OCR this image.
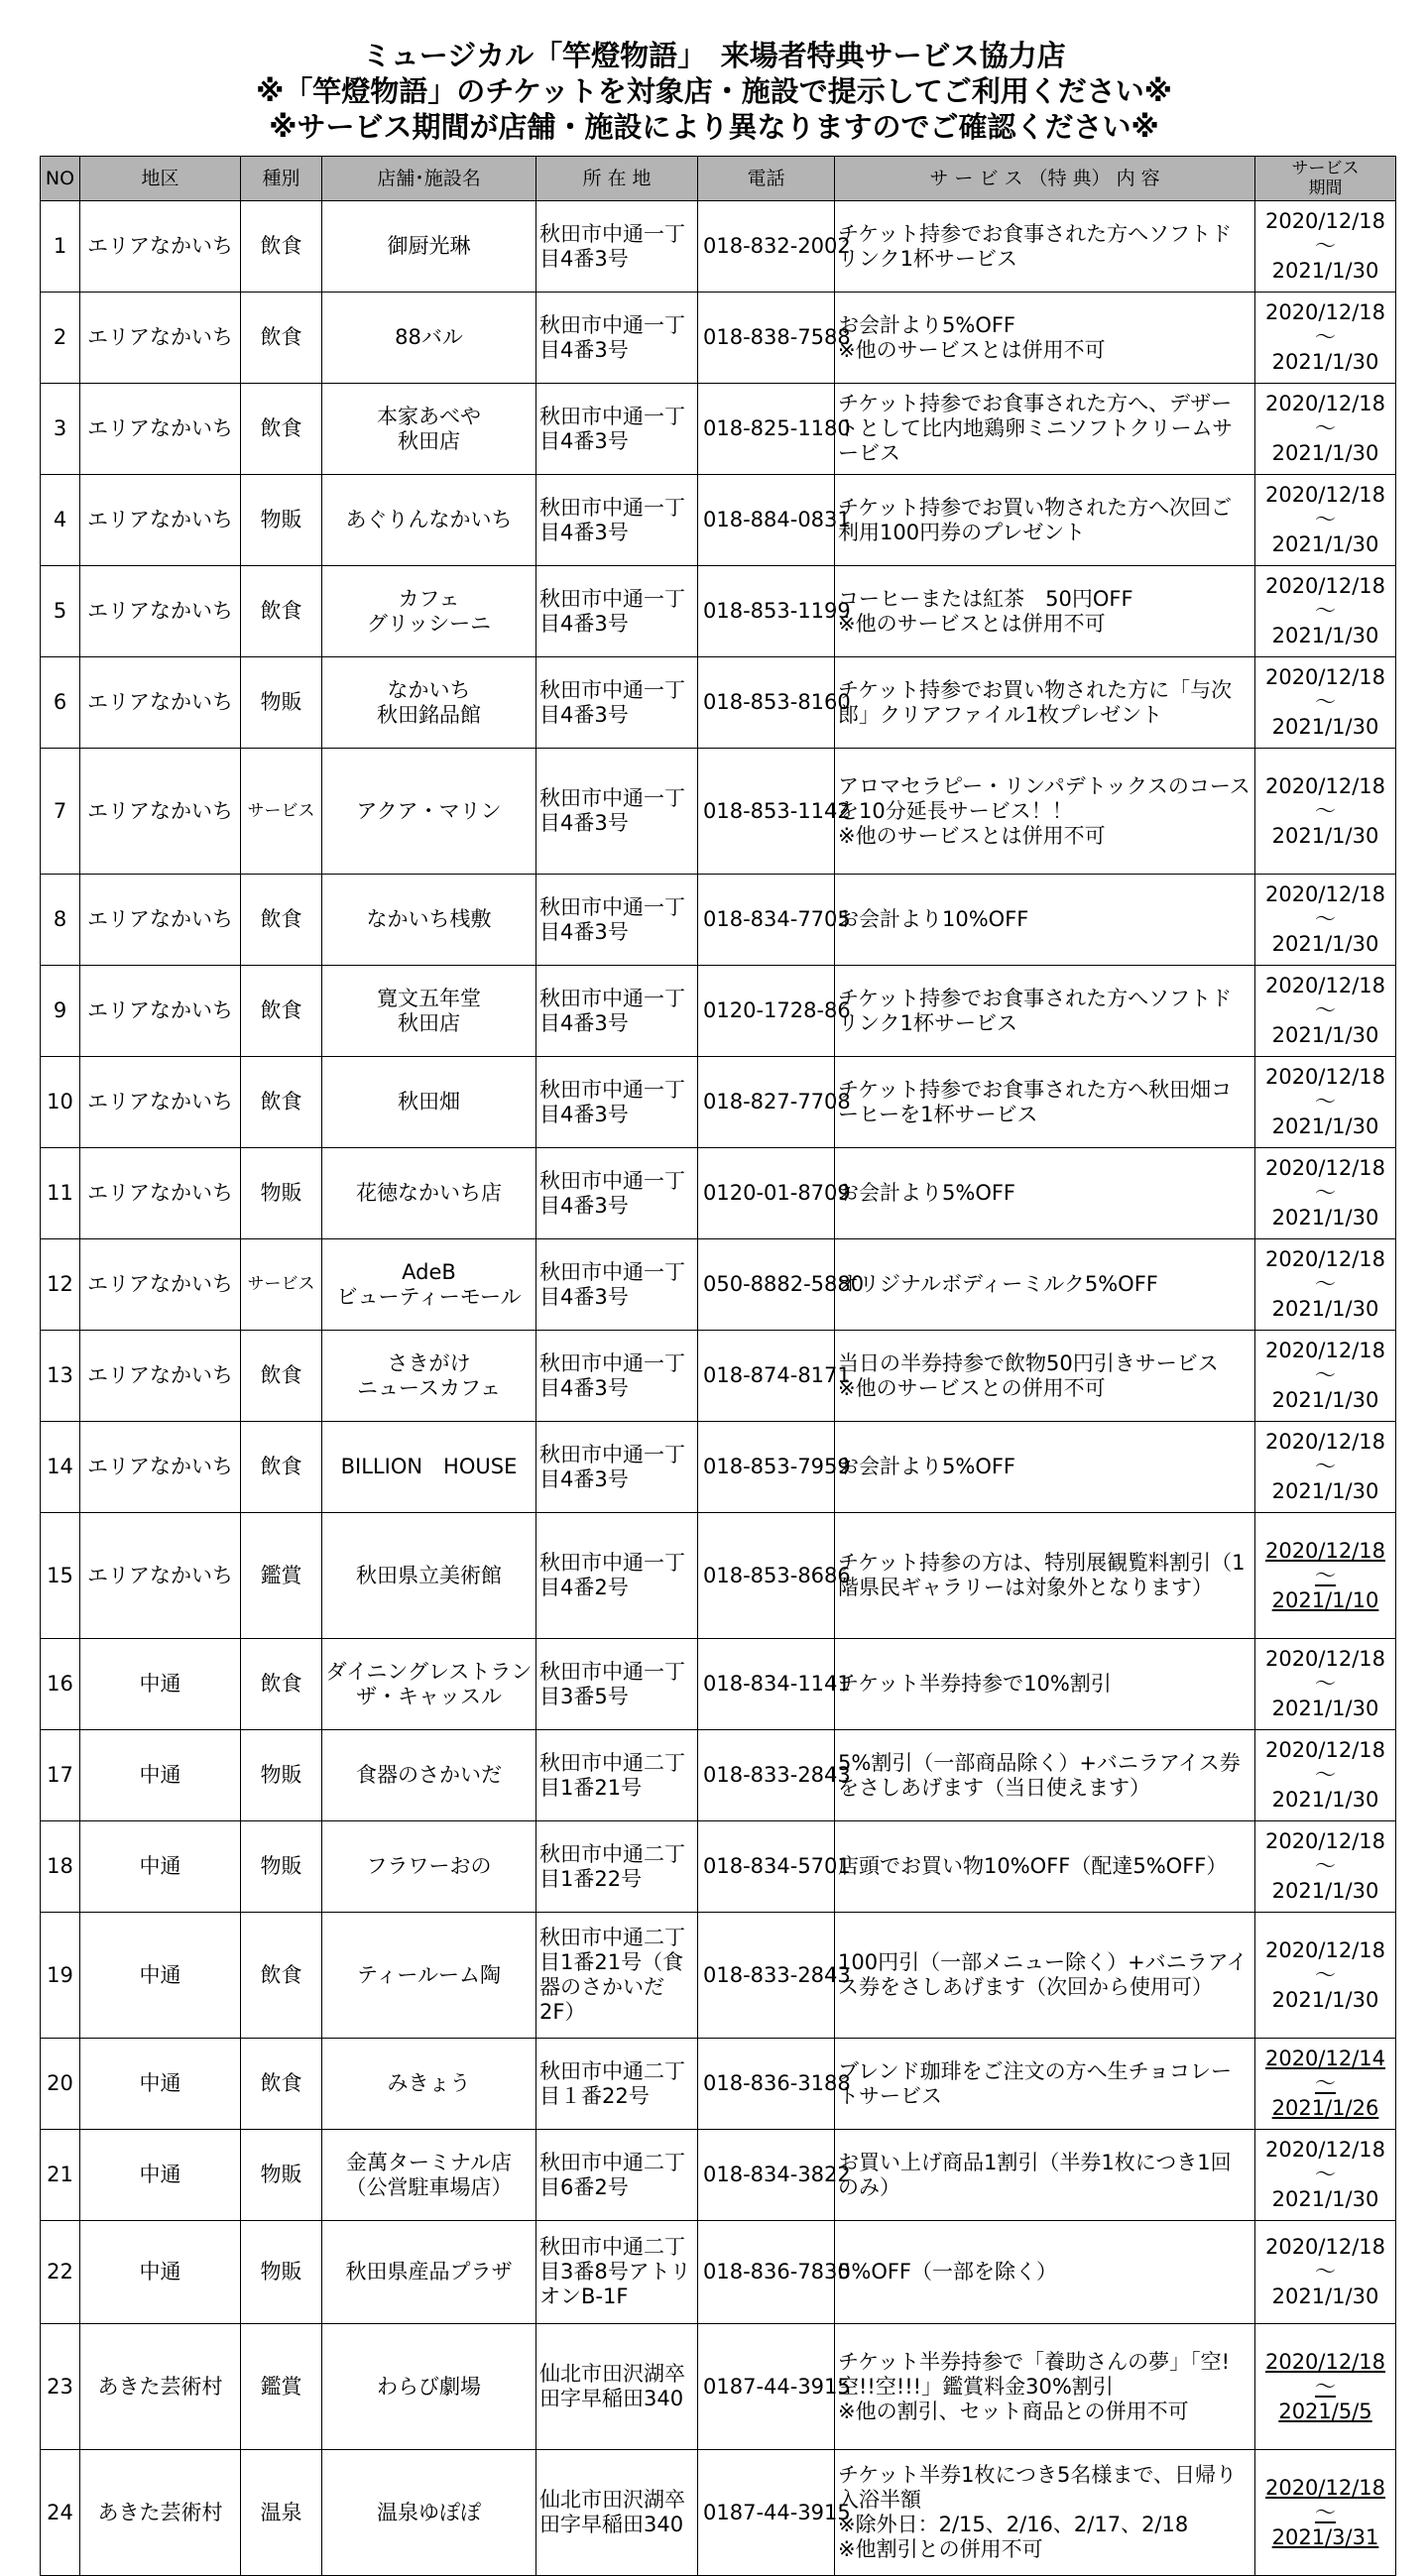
ミュージカル「竿燈物語」　来場者特典サービス協力店
※「竿燈物語」のチケットを対象店・施設で提示してご利用ください※
※サービス期間が店舗・施設により異なりますのでご確認ください※
NO	地区	種別	店舗･施設名	所 在 地	電話	サ ー ビ ス （特 典） 内 容	サービス
期間
1	エリアなかいち	飲食	御厨光琳	秋田市中通一丁目4番3号	018-832-2002	チケット持参でお食事された方へソフトドリンク1杯サービス	2020/12/18
～
2021/1/30

2	エリアなかいち	飲食	88バル	秋田市中通一丁目4番3号	018-838-7588	お会計より5%OFF
※他のサービスとは併用不可	2020/12/18
～
2021/1/30

3	エリアなかいち	飲食	本家あべや
秋田店	秋田市中通一丁目4番3号	018-825-1180	チケット持参でお食事された方へ、デザートとして比内地鶏卵ミニソフトクリームサービス	2020/12/18
～
2021/1/30

4	エリアなかいち	物販	あぐりんなかいち	秋田市中通一丁目4番3号	018-884-0831	チケット持参でお買い物された方へ次回ご利用100円券のプレゼント	2020/12/18
～
2021/1/30

5	エリアなかいち	飲食	カフェ
グリッシーニ	秋田市中通一丁目4番3号	018-853-1199	コーヒーまたは紅茶　50円OFF
※他のサービスとは併用不可	2020/12/18
～
2021/1/30

6	エリアなかいち	物販	なかいち
秋田銘品館	秋田市中通一丁目4番3号	018-853-8160	チケット持参でお買い物された方に「与次郎」クリアファイル1枚プレゼント	2020/12/18
～
2021/1/30

7	エリアなかいち	サービス	アクア・マリン	秋田市中通一丁目4番3号	018-853-1142	アロマセラピー・リンパデトックスのコースを10分延長サービス！！
※他のサービスとは併用不可	2020/12/18
～
2021/1/30

8	エリアなかいち	飲食	なかいち桟敷	秋田市中通一丁目4番3号	018-834-7705	お会計より10%OFF	2020/12/18
～
2021/1/30

9	エリアなかいち	飲食	寛文五年堂
秋田店	秋田市中通一丁目4番3号	0120-1728-86	チケット持参でお食事された方へソフトドリンク1杯サービス	2020/12/18
～
2021/1/30

10	エリアなかいち	飲食	秋田畑	秋田市中通一丁目4番3号	018-827-7708	チケット持参でお食事された方へ秋田畑コーヒーを1杯サービス	2020/12/18
～
2021/1/30

11	エリアなかいち	物販	花徳なかいち店	秋田市中通一丁目4番3号	0120-01-8709	お会計より5%OFF	2020/12/18
～
2021/1/30

12	エリアなかいち	サービス	AdeB
ビューティーモール	秋田市中通一丁目4番3号	050-8882-5880	オリジナルボディーミルク5%OFF	2020/12/18
～
2021/1/30

13	エリアなかいち	飲食	さきがけ
ニュースカフェ	秋田市中通一丁目4番3号	018-874-8171	当日の半券持参で飲物50円引きサービス
※他のサービスとの併用不可	2020/12/18
～
2021/1/30

14	エリアなかいち	飲食	BILLION　HOUSE	秋田市中通一丁目4番3号	018-853-7959	お会計より5%OFF	2020/12/18
～
2021/1/30

15	エリアなかいち	鑑賞	秋田県立美術館	秋田市中通一丁目4番2号	018-853-8686	チケット持参の方は、特別展観覧料割引（1階県民ギャラリーは対象外となります）	2020/12/18
～
2021/1/10

16	中通	飲食	ダイニングレストランザ・キャッスル	秋田市中通一丁目3番5号	018-834-1141	チケット半券持参で10%割引	2020/12/18
～
2021/1/30

17	中通	物販	食器のさかいだ	秋田市中通二丁目1番21号	018-833-2843	5%割引（一部商品除く）+バニラアイス券をさしあげます（当日使えます）	2020/12/18
～
2021/1/30

18	中通	物販	フラワーおの	秋田市中通二丁目1番22号	018-834-5701	店頭でお買い物10%OFF（配達5%OFF）	2020/12/18
～
2021/1/30

19	中通	飲食	ティールーム陶	秋田市中通二丁目1番21号（食器のさかいだ2F）	018-833-2843	100円引（一部メニュー除く）+バニラアイス券をさしあげます（次回から使用可）	2020/12/18
～
2021/1/30

20	中通	飲食	みきょう	秋田市中通二丁目１番22号	018-836-3188	ブレンド珈琲をご注文の方へ生チョコレートサービス	2020/12/14
～
2021/1/26

21	中通	物販	金萬ターミナル店
（公営駐車場店）	秋田市中通二丁目6番2号	018-834-3822	お買い上げ商品1割引（半券1枚につき1回のみ）	2020/12/18
～
2021/1/30

22	中通	物販	秋田県産品プラザ	秋田市中通二丁目3番8号アトリオンB-1F	018-836-7830	5%OFF（一部を除く）	2020/12/18
～
2021/1/30

23	あきた芸術村	鑑賞	わらび劇場	仙北市田沢湖卒田字早稲田340	0187-44-3915	チケット半券持参で「養助さんの夢」「空!空!!空!!!」鑑賞料金30%割引
※他の割引、セット商品との併用不可	2020/12/18
～
2021/5/5

24	あきた芸術村	温泉	温泉ゆぽぽ	仙北市田沢湖卒田字早稲田340	0187-44-3915	チケット半券1枚につき5名様まで、日帰り入浴半額
※除外日：2/15、2/16、2/17、2/18
※他割引との併用不可	2020/12/18
～
2021/3/31
